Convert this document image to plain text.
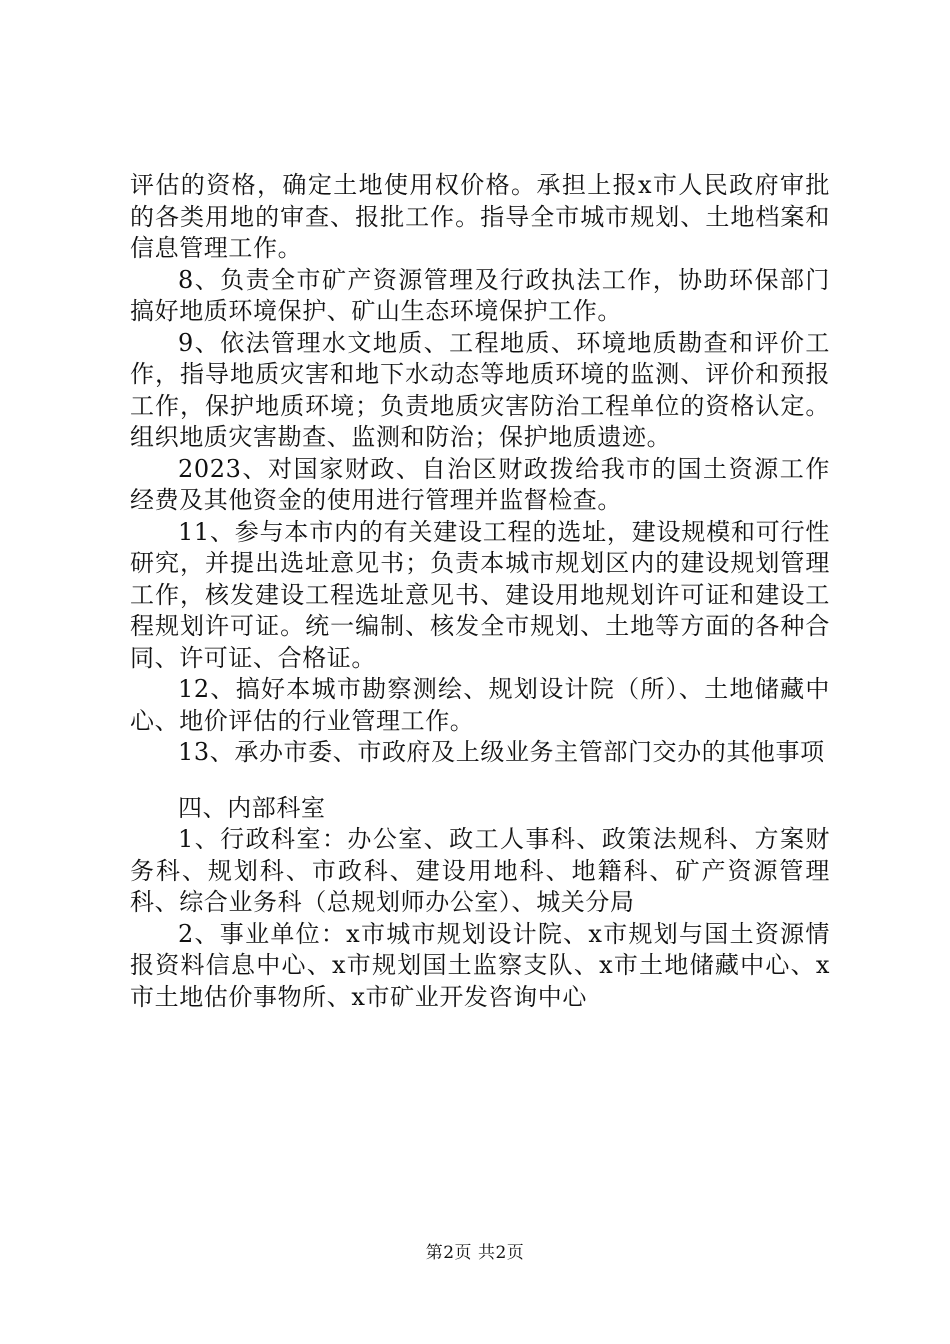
评估的资格，确定土地使用权价格。承担上报x市人民政府审批的各类用地的审查、报批工作。指导全市城市规划、土地档案和信息管理工作。

8、负责全市矿产资源管理及行政执法工作，协助环保部门搞好地质环境保护、矿山生态环境保护工作。

9、依法管理水文地质、工程地质、环境地质勘查和评价工作，指导地质灾害和地下水动态等地质环境的监测、评价和预报工作，保护地质环境；负责地质灾害防治工程单位的资格认定。组织地质灾害勘查、监测和防治；保护地质遗迹。

2023、对国家财政、自治区财政拨给我市的国土资源工作经费及其他资金的使用进行管理并监督检查。

11、参与本市内的有关建设工程的选址，建设规模和可行性研究，并提出选址意见书；负责本城市规划区内的建设规划管理工作，核发建设工程选址意见书、建设用地规划许可证和建设工程规划许可证。统一编制、核发全市规划、土地等方面的各种合同、许可证、合格证。

12、搞好本城市勘察测绘、规划设计院（所）、土地储藏中心、地价评估的行业管理工作。

13、承办市委、市政府及上级业务主管部门交办的其他事项

四、内部科室

1、行政科室：办公室、政工人事科、政策法规科、方案财务科、规划科、市政科、建设用地科、地籍科、矿产资源管理科、综合业务科（总规划师办公室）、城关分局

2、事业单位：x市城市规划设计院、x市规划与国土资源情报资料信息中心、x市规划国土监察支队、x市土地储藏中心、x市土地估价事物所、x市矿业开发咨询中心

第2页 共2页
